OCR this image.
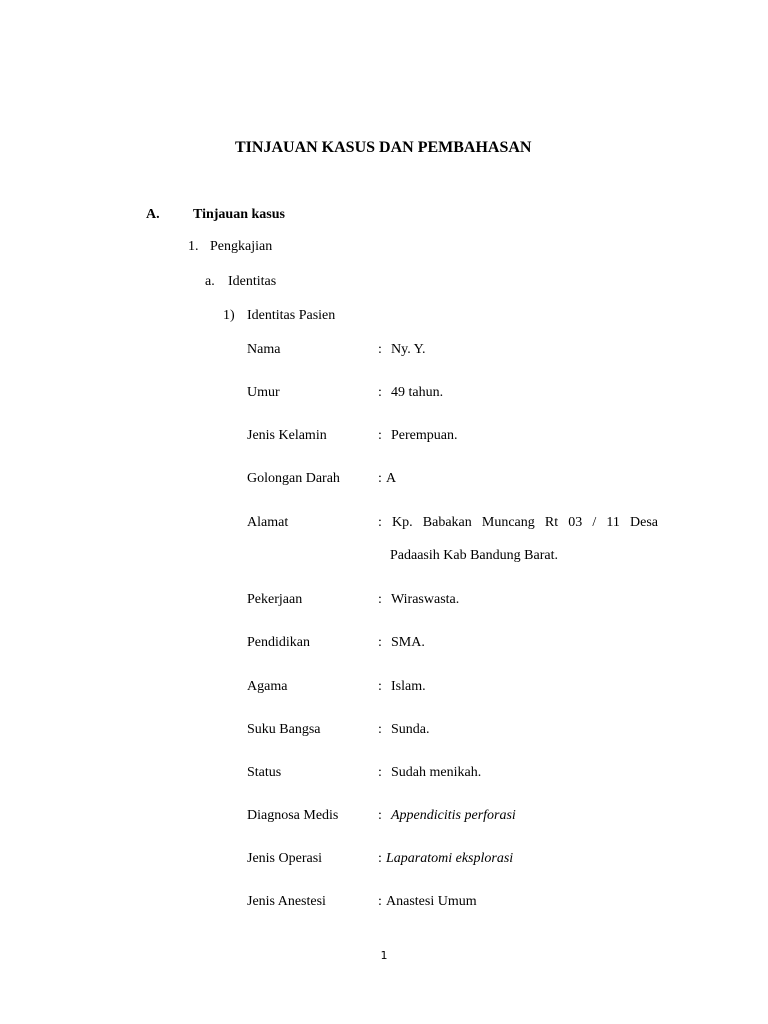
TINJAUAN KASUS DAN PEMBAHASAN
A. Tinjauan kasus
1. Pengkajian
a. Identitas
1) Identitas Pasien
Nama	: Ny. Y.
Umur	: 49 tahun.
Jenis Kelamin	: Perempuan.
Golongan Darah	: A
Alamat	: Kp. Babakan Muncang Rt 03 / 11 Desa
Padaasih Kab Bandung Barat.
Pekerjaan	: Wiraswasta.
Pendidikan	: SMA.
Agama	: Islam.
Suku Bangsa	: Sunda.
Status	: Sudah menikah.
Diagnosa Medis	: Appendicitis perforasi
Jenis Operasi	: Laparatomi eksplorasi
Jenis Anestesi	: Anastesi Umum
1
